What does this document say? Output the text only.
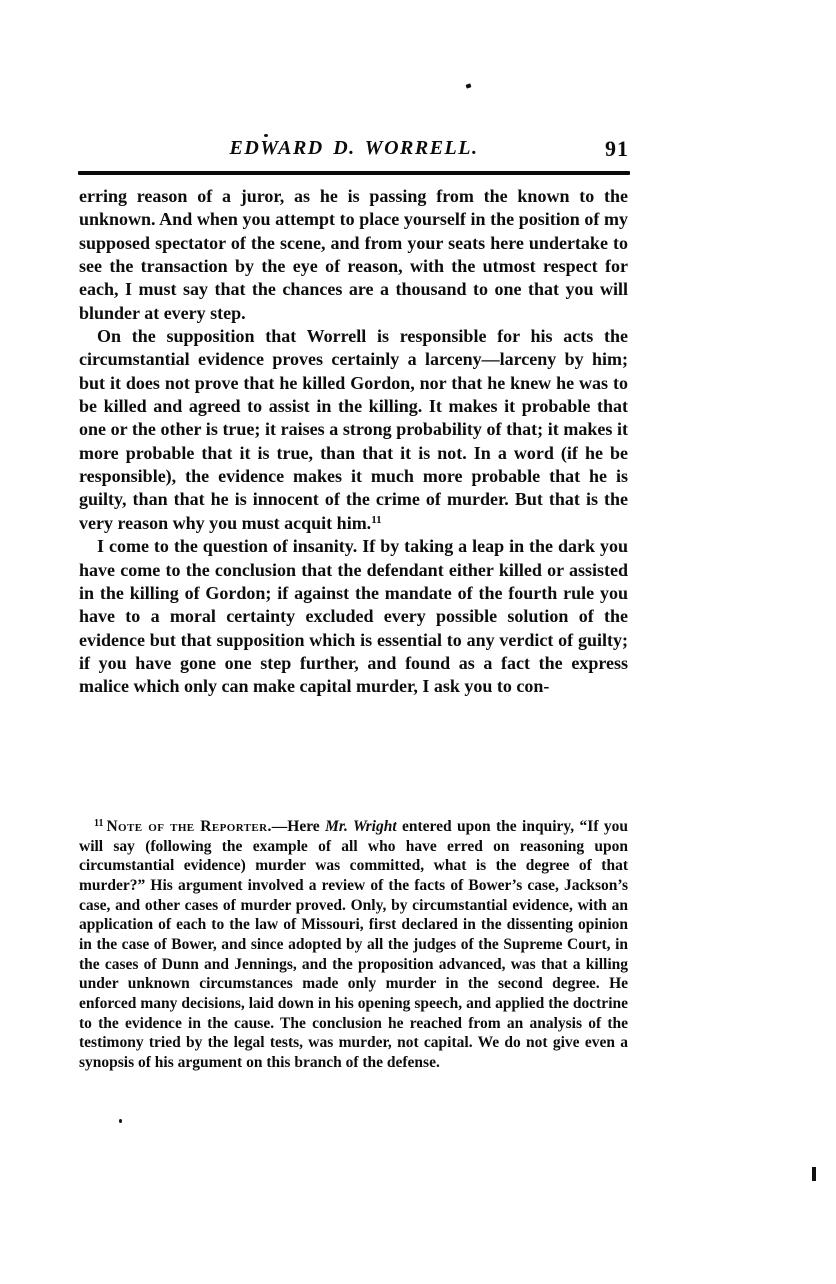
EDWARD D. WORRELL.	91

erring reason of a juror, as he is passing from the known to the unknown. And when you attempt to place yourself in the position of my supposed spectator of the scene, and from your seats here undertake to see the transaction by the eye of reason, with the utmost respect for each, I must say that the chances are a thousand to one that you will blunder at every step.

On the supposition that Worrell is responsible for his acts the circumstantial evidence proves certainly a larceny—larceny by him; but it does not prove that he killed Gordon, nor that he knew he was to be killed and agreed to assist in the killing. It makes it probable that one or the other is true; it raises a strong probability of that; it makes it more probable that it is true, than that it is not. In a word (if he be responsible), the evidence makes it much more probable that he is guilty, than that he is innocent of the crime of murder. But that is the very reason why you must acquit him.$^{11}$

I come to the question of insanity. If by taking a leap in the dark you have come to the conclusion that the defendant either killed or assisted in the killing of Gordon; if against the mandate of the fourth rule you have to a moral certainty excluded every possible solution of the evidence but that supposition which is essential to any verdict of guilty; if you have gone one step further, and found as a fact the express malice which only can make capital murder, I ask you to con-

$^{11}$ Note of the Reporter.—Here Mr. Wright entered upon the inquiry, “If you will say (following the example of all who have erred on reasoning upon circumstantial evidence) murder was committed, what is the degree of that murder?” His argument involved a review of the facts of Bower’s case, Jackson’s case, and other cases of murder proved. Only, by circumstantial evidence, with an application of each to the law of Missouri, first declared in the dissenting opinion in the case of Bower, and since adopted by all the judges of the Supreme Court, in the cases of Dunn and Jennings, and the proposition advanced, was that a killing under unknown circumstances made only murder in the second degree. He enforced many decisions, laid down in his opening speech, and applied the doctrine to the evidence in the cause. The conclusion he reached from an analysis of the testimony tried by the legal tests, was murder, not capital. We do not give even a synopsis of his argument on this branch of the defense.
